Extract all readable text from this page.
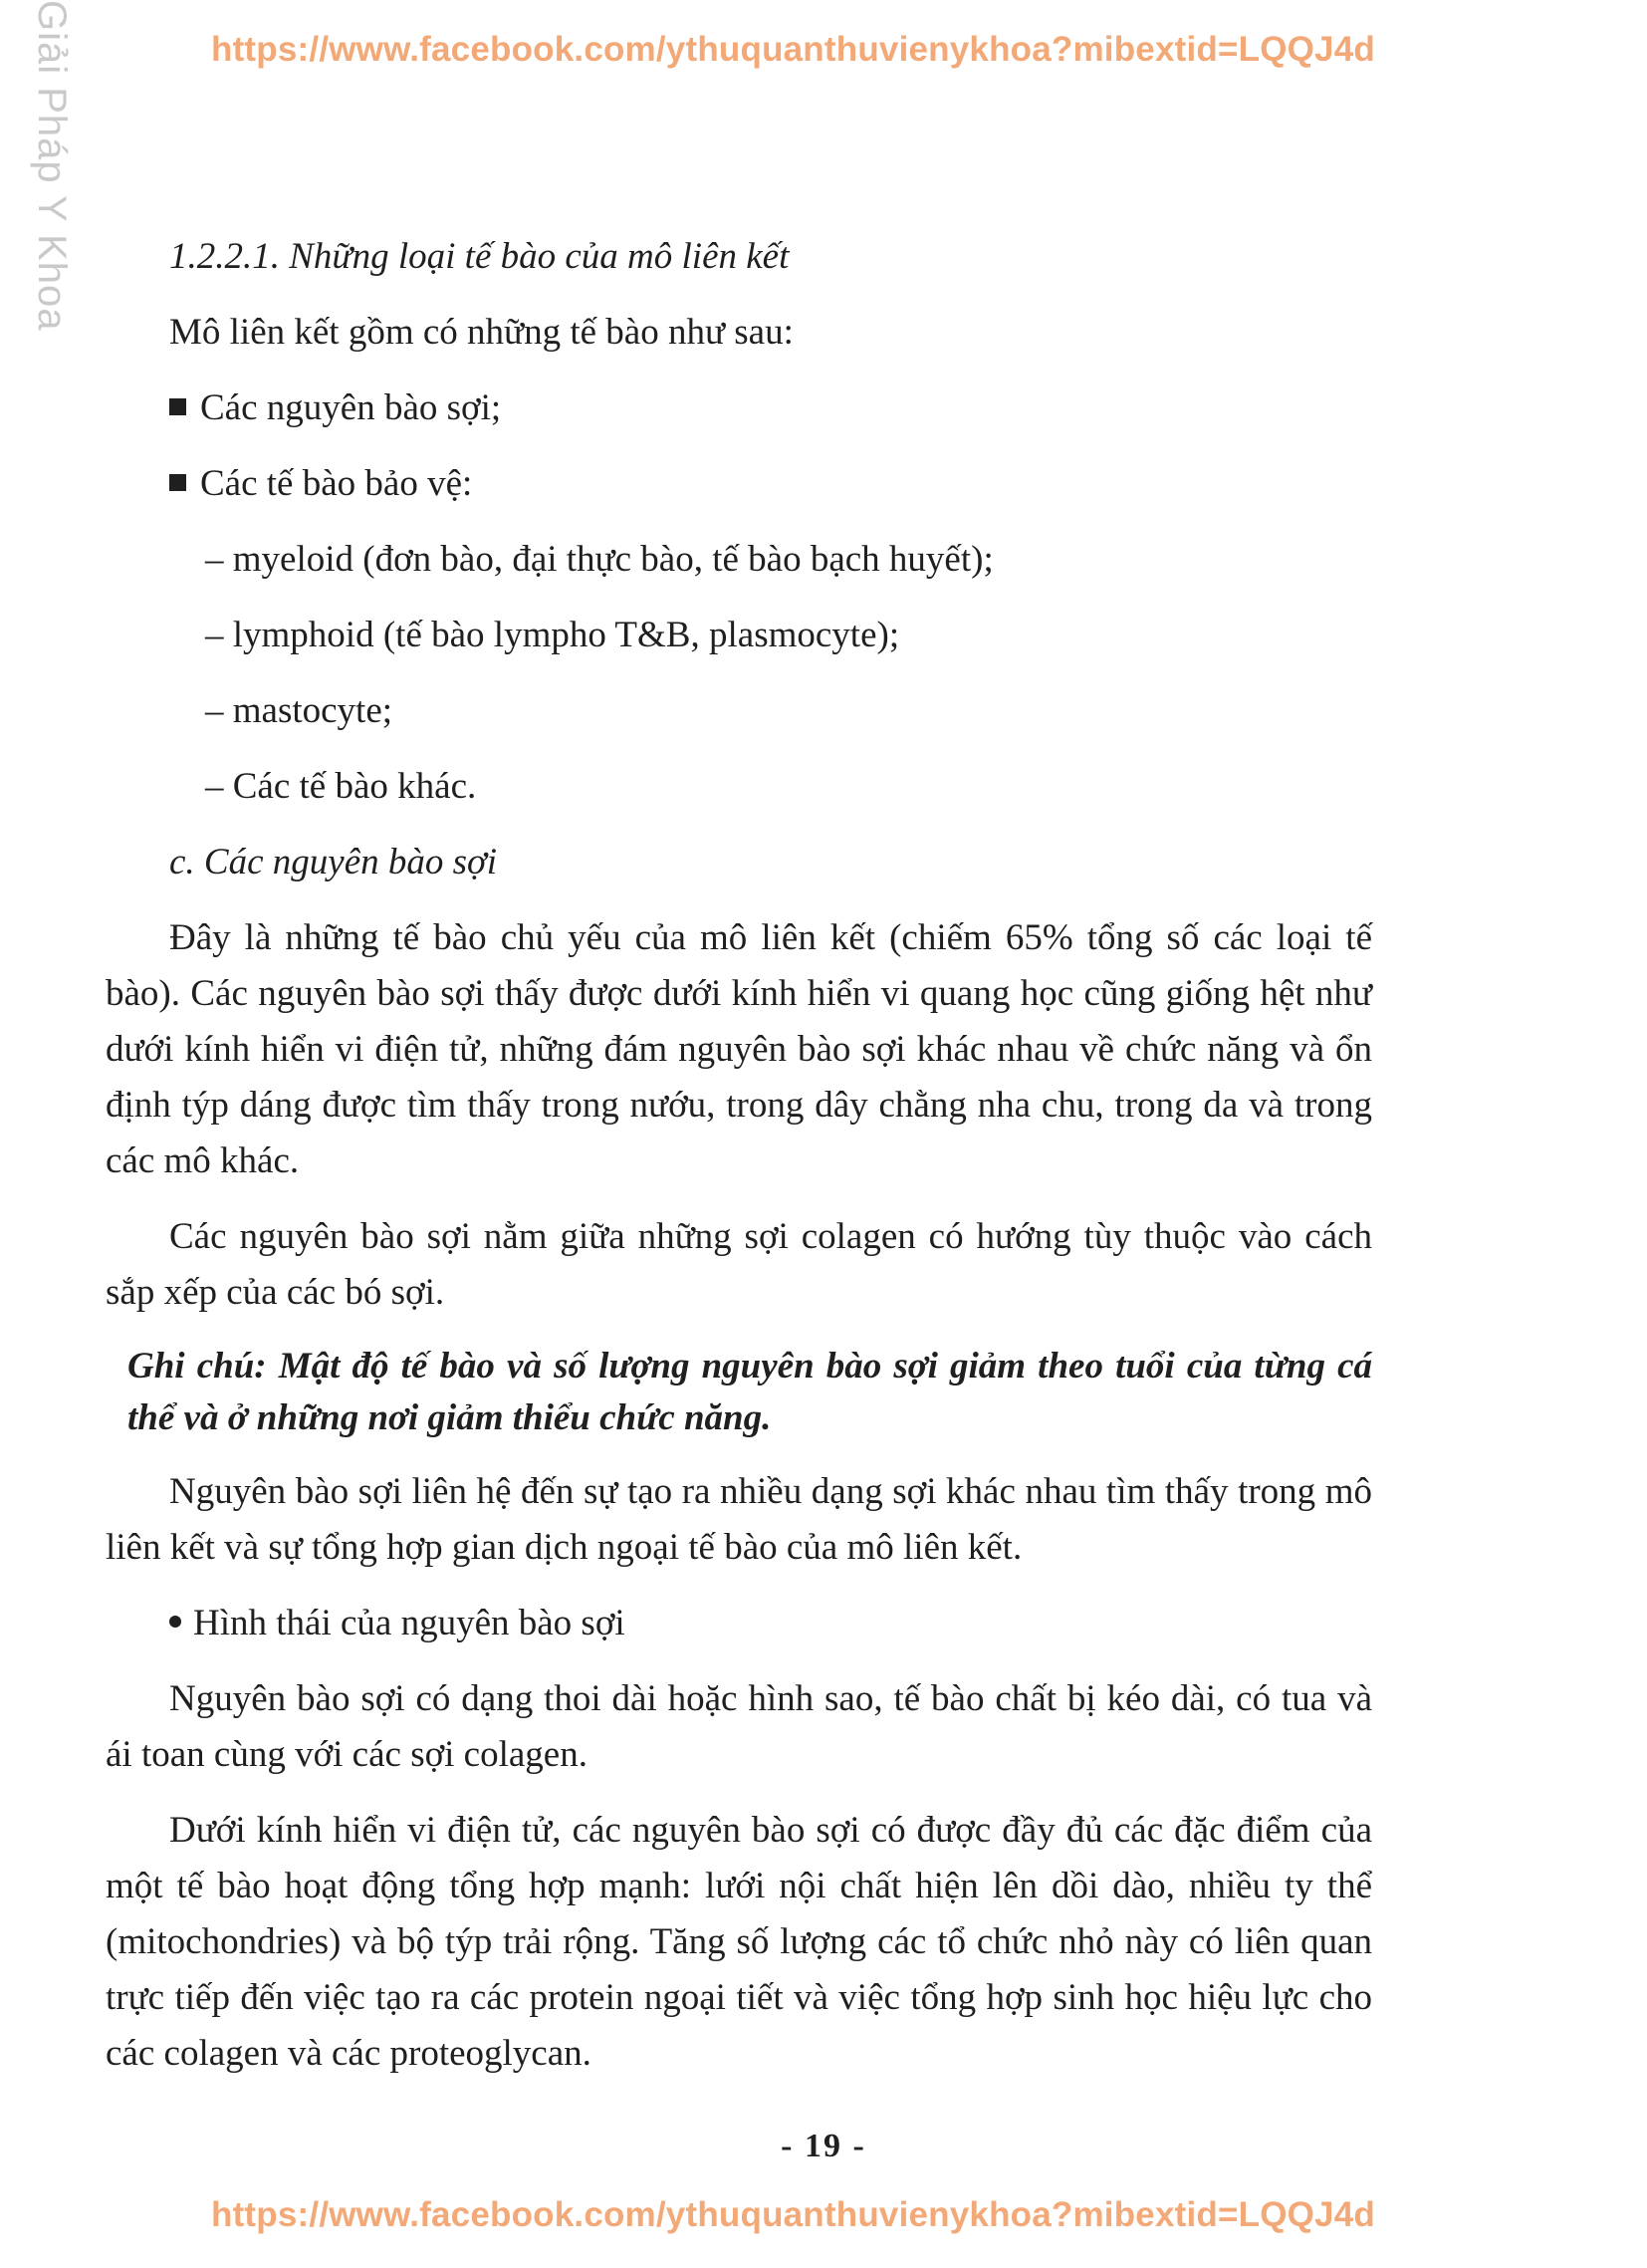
Giải Pháp Y Khoa	https://www.facebook.com/ythuquanthuvienykhoa?mibextid=LQQJ4d

1.2.2.1. Những loại tế bào của mô liên kết

Mô liên kết gồm có những tế bào như sau:

Các nguyên bào sợi;

Các tế bào bảo vệ:

– myeloid (đơn bào, đại thực bào, tế bào bạch huyết);

– lymphoid (tế bào lympho T&B, plasmocyte);

– mastocyte;

– Các tế bào khác.

c. Các nguyên bào sợi

Đây là những tế bào chủ yếu của mô liên kết (chiếm 65% tổng số các loại tế bào). Các nguyên bào sợi thấy được dưới kính hiển vi quang học cũng giống hệt như dưới kính hiển vi điện tử, những đám nguyên bào sợi khác nhau về chức năng và ổn định týp dáng được tìm thấy trong nướu, trong dây chằng nha chu, trong da và trong các mô khác.

Các nguyên bào sợi nằm giữa những sợi colagen có hướng tùy thuộc vào cách sắp xếp của các bó sợi.

Ghi chú: Mật độ tế bào và số lượng nguyên bào sợi giảm theo tuổi của từng cá thể và ở những nơi giảm thiểu chức năng.

Nguyên bào sợi liên hệ đến sự tạo ra nhiều dạng sợi khác nhau tìm thấy trong mô liên kết và sự tổng hợp gian dịch ngoại tế bào của mô liên kết.

Hình thái của nguyên bào sợi

Nguyên bào sợi có dạng thoi dài hoặc hình sao, tế bào chất bị kéo dài, có tua và ái toan cùng với các sợi colagen.

Dưới kính hiển vi điện tử, các nguyên bào sợi có được đầy đủ các đặc điểm của một tế bào hoạt động tổng hợp mạnh: lưới nội chất hiện lên dồi dào, nhiều ty thể (mitochondries) và bộ týp trải rộng. Tăng số lượng các tổ chức nhỏ này có liên quan trực tiếp đến việc tạo ra các protein ngoại tiết và việc tổng hợp sinh học hiệu lực cho các colagen và các proteoglycan.

- 19 -
https://www.facebook.com/ythuquanthuvienykhoa?mibextid=LQQJ4d
